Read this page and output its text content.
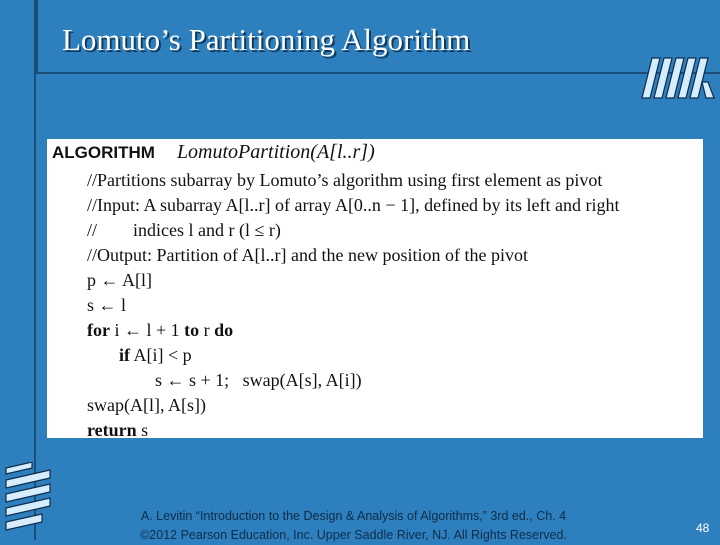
Lomuto’s Partitioning Algorithm
ALGORITHM LomutoPartition(A[l..r])
//Partitions subarray by Lomuto’s algorithm using first element as pivot
//Input: A subarray A[l..r] of array A[0..n − 1], defined by its left and right
//        indices l and r (l ≤ r)
//Output: Partition of A[l..r] and the new position of the pivot
p ← A[l]
s ← l
for i ← l + 1 to r do
if A[i] < p
s ← s + 1;   swap(A[s], A[i])
swap(A[l], A[s])
return s
A. Levitin “Introduction to the Design & Analysis of Algorithms,” 3rd ed., Ch. 4
©2012 Pearson Education, Inc. Upper Saddle River, NJ. All Rights Reserved.	48
